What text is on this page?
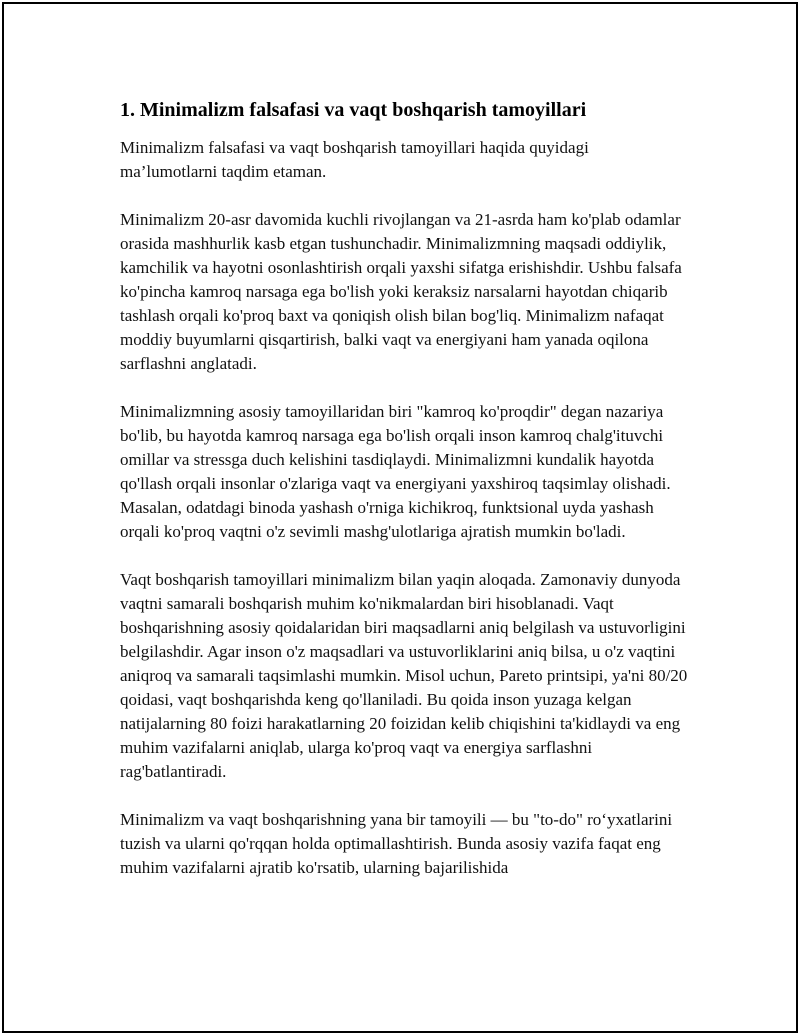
1. Minimalizm falsafasi va vaqt boshqarish tamoyillari

Minimalizm falsafasi va vaqt boshqarish tamoyillari haqida quyidagi ma’lumotlarni taqdim etaman.

Minimalizm 20-asr davomida kuchli rivojlangan va 21-asrda ham ko'plab odamlar orasida mashhurlik kasb etgan tushunchadir. Minimalizmning maqsadi oddiylik, kamchilik va hayotni osonlashtirish orqali yaxshi sifatga erishishdir. Ushbu falsafa ko'pincha kamroq narsaga ega bo'lish yoki keraksiz narsalarni hayotdan chiqarib tashlash orqali ko'proq baxt va qoniqish olish bilan bog'liq. Minimalizm nafaqat moddiy buyumlarni qisqartirish, balki vaqt va energiyani ham yanada oqilona sarflashni anglatadi.

Minimalizmning asosiy tamoyillaridan biri "kamroq ko'proqdir" degan nazariya bo'lib, bu hayotda kamroq narsaga ega bo'lish orqali inson kamroq chalg'ituvchi omillar va stressga duch kelishini tasdiqlaydi. Minimalizmni kundalik hayotda qo'llash orqali insonlar o'zlariga vaqt va energiyani yaxshiroq taqsimlay olishadi. Masalan, odatdagi binoda yashash o'rniga kichikroq, funktsional uyda yashash orqali ko'proq vaqtni o'z sevimli mashg'ulotlariga ajratish mumkin bo'ladi.

Vaqt boshqarish tamoyillari minimalizm bilan yaqin aloqada. Zamonaviy dunyoda vaqtni samarali boshqarish muhim ko'nikmalardan biri hisoblanadi. Vaqt boshqarishning asosiy qoidalaridan biri maqsadlarni aniq belgilash va ustuvorligini belgilashdir. Agar inson o'z maqsadlari va ustuvorliklarini aniq bilsa, u o'z vaqtini aniqroq va samarali taqsimlashi mumkin. Misol uchun, Pareto printsipi, ya'ni 80/20 qoidasi, vaqt boshqarishda keng qo'llaniladi. Bu qoida inson yuzaga kelgan natijalarning 80 foizi harakatlarning 20 foizidan kelib chiqishini ta'kidlaydi va eng muhim vazifalarni aniqlab, ularga ko'proq vaqt va energiya sarflashni rag'batlantiradi.

Minimalizm va vaqt boshqarishning yana bir tamoyili — bu "to-do" ro‘yxatlarini tuzish va ularni qo'rqqan holda optimallashtirish. Bunda asosiy vazifa faqat eng muhim vazifalarni ajratib ko'rsatib, ularning bajarilishida
